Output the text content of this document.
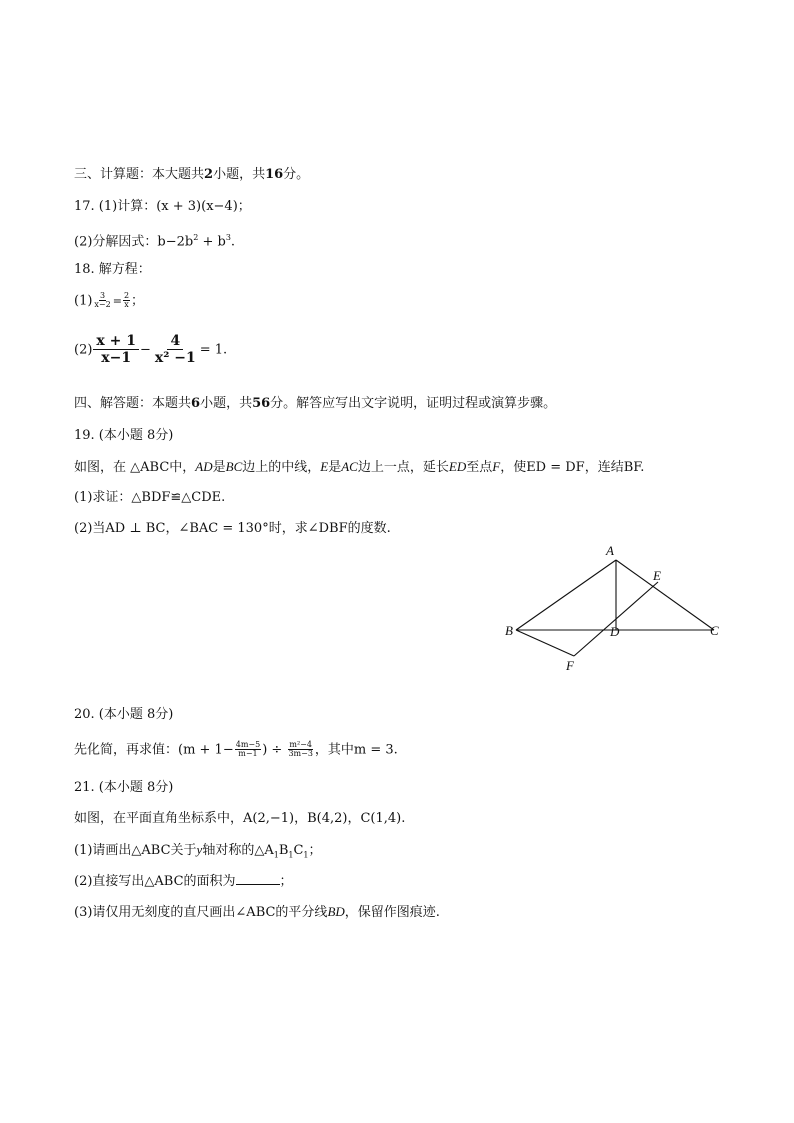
三、计算题：本大题共2小题，共16分。
17. (1)计算：(x + 3)(x−4)；
(2)分解因式：$b-2b^2 + b^3$.
18. 解方程：
$(1) \frac{3}{x-2} = \frac{2}{x}$ ；
$(2) \frac{x + 1}{x-1} - \frac{4}{\text{x² −1}} = 1$.
四、解答题：本题共6小题，共56分。解答应写出文字说明，证明过程或演算步骤。
19. (本小题 8分)
如图，在 △ABC中，AD是BC边上的中线，E是AC边上一点，延长ED至点F，使ED = DF，连结BF.
(1)求证：△BDF≌△CDE.
(2)当AD ⊥ BC，∠BAC = 130°时，求∠DBF的度数.
A
E
B	D	C
F
20. (本小题 8分)
先化简，再求值：($m + 1- \frac{4m-5}{m-1}$ ) ÷ $\frac{\text{m²−4}}{3m-3}$ ，其中m = 3.
21. (本小题 8分)
如图，在平面直角坐标系中，A(2,−1)，B(4,2)，C(1,4).
(1)请画出△ABC关于y轴对称的$\triangle A_1B_1C_1$；
(2)直接写出△ABC的面积为	；
(3)请仅用无刻度的直尺画出∠ABC的平分线BD，保留作图痕迹.
